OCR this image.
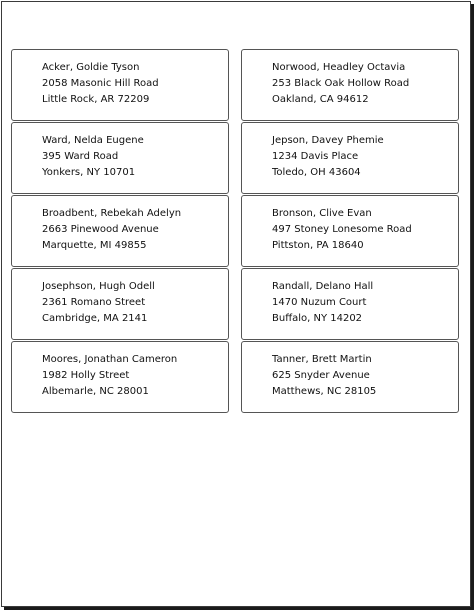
Acker, Goldie Tyson
2058 Masonic Hill Road
Little Rock, AR 72209
Norwood, Headley Octavia
253 Black Oak Hollow Road
Oakland, CA 94612
Ward, Nelda Eugene
395 Ward Road
Yonkers, NY 10701
Jepson, Davey Phemie
1234 Davis Place
Toledo, OH 43604
Broadbent, Rebekah Adelyn
2663 Pinewood Avenue
Marquette, MI 49855
Bronson, Clive Evan
497 Stoney Lonesome Road
Pittston, PA 18640
Josephson, Hugh Odell
2361 Romano Street
Cambridge, MA 2141
Randall, Delano Hall
1470 Nuzum Court
Buffalo, NY 14202
Moores, Jonathan Cameron
1982 Holly Street
Albemarle, NC 28001
Tanner, Brett Martin
625 Snyder Avenue
Matthews, NC 28105
